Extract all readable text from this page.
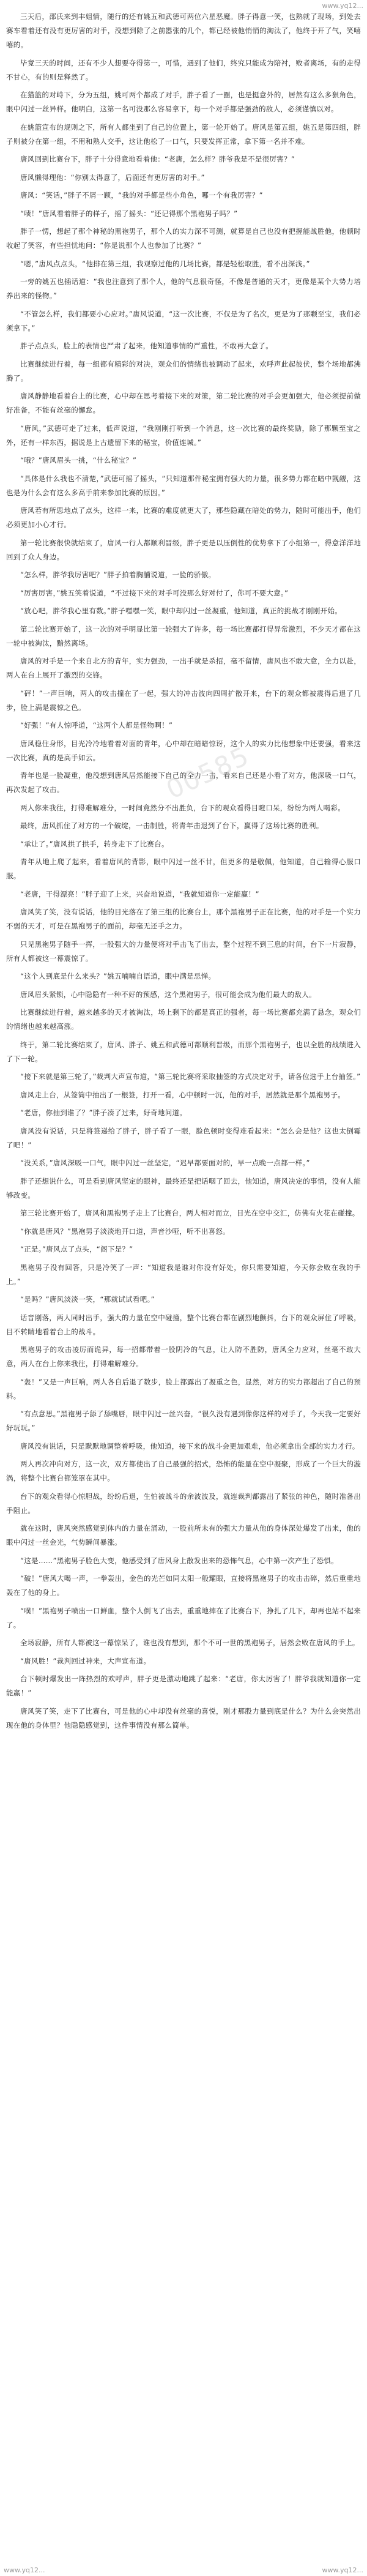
www.yq12...
00585

三天后，邵氏来到丰姐情，随行的还有姚五和武德可两位六星恶魔。胖子得意一笑，也熟就了现场，到处去赛车看着还有没有更厉害的对手，没想到除了之前嚣张的几个，都已经被他悄悄的淘汰了，他终于开了气，笑嘻嘻的。

毕竟三天的时间，还有不少人想要夺得第一，可惜，遇到了他们，终究只能成为陪衬，败者离场，有的走得不甘心，有的则是释然了。

在猫篮的对峙下，分为五组，姚可两个都成了对手，胖子看了一圈，也是挺意外的，居然有这么多狠角色，眼中闪过一丝异样。他明白，这第一名可没那么容易拿下，每一个对手都是强劲的敌人，必须谨慎以对。

在姚篮宣布的规则之下，所有人都坐到了自己的位置上，第一轮开始了。唐风是第五组，姚五是第四组，胖子则被分在第一组，不用和熟人交手，这让他松了一口气，只要发挥正常，拿下第一名并不难。

唐风回到比赛台下，胖子十分得意地看着他：“老唐，怎么样？胖爷我是不是很厉害？”

唐风懒得理他：“你别太得意了，后面还有更厉害的对手。”

唐风：“笑话，”胖子不屑一顾，“我的对手都是些小角色，哪一个有我厉害？”

“啧！”唐风看着胖子的样子，摇了摇头：“还记得那个黑袍男子吗？”

胖子一愣，想起了那个神秘的黑袍男子，那个人的实力深不可测，就算是自己也没有把握能战胜他，他顿时收起了笑容，有些担忧地问：“你是说那个人也参加了比赛？”

“嗯，”唐风点点头，“他排在第三组，我观察过他的几场比赛，都是轻松取胜，看不出深浅。”

一旁的姚五也插话道：“我也注意到了那个人，他的气息很奇怪，不像是普通的天才，更像是某个大势力培养出来的怪物。”

“不管怎么样，我们都要小心应对。”唐风说道，“这一次比赛，不仅是为了名次，更是为了那颗至宝，我们必须拿下。”

胖子点点头，脸上的表情也严肃了起来，他知道事情的严重性，不敢再大意了。

比赛继续进行着，每一组都有精彩的对决，观众们的情绪也被调动了起来，欢呼声此起彼伏，整个场地都沸腾了。

唐风静静地看着台上的比赛，心中却在思考着接下来的对策，第二轮比赛的对手会更加强大，他必须提前做好准备，不能有丝毫的懈怠。

“唐风，”武德可走了过来，低声说道，“我刚刚打听到一个消息，这一次比赛的最终奖励，除了那颗至宝之外，还有一样东西，据说是上古遗留下来的秘宝，价值连城。”

“哦？”唐风眉头一挑，“什么秘宝？”

“具体是什么我也不清楚，”武德可摇了摇头，“只知道那件秘宝拥有强大的力量，很多势力都在暗中觊觎，这也是为什么会有这么多高手前来参加比赛的原因。”

唐风若有所思地点了点头，这样一来，比赛的难度就更大了，那些隐藏在暗处的势力，随时可能出手，他们必须更加小心才行。

第一轮比赛很快就结束了，唐风一行人都顺利晋级，胖子更是以压倒性的优势拿下了小组第一，得意洋洋地回到了众人身边。

“怎么样，胖爷我厉害吧？”胖子拍着胸脯说道，一脸的骄傲。

“厉害厉害，”姚五笑着说道，“不过接下来的对手可没那么好对付了，你可不要大意。”

“放心吧，胖爷我心里有数。”胖子嘿嘿一笑，眼中却闪过一丝凝重，他知道，真正的挑战才刚刚开始。

第二轮比赛开始了，这一次的对手明显比第一轮强大了许多，每一场比赛都打得异常激烈，不少天才都在这一轮中被淘汰，黯然离场。

唐风的对手是一个来自北方的青年，实力强劲，一出手就是杀招，毫不留情，唐风也不敢大意，全力以赴，两人在台上展开了激烈的交锋。

“砰！”一声巨响，两人的攻击撞在了一起，强大的冲击波向四周扩散开来，台下的观众都被震得后退了几步，脸上满是震惊之色。

“好强！”有人惊呼道，“这两个人都是怪物啊！”

唐风稳住身形，目光冷冷地看着对面的青年，心中却在暗暗惊讶，这个人的实力比他想象中还要强，看来这一次比赛，真的是高手如云。

青年也是一脸凝重，他没想到唐风居然能接下自己的全力一击，看来自己还是小看了对方，他深吸一口气，再次发起了攻击。

两人你来我往，打得难解难分，一时间竟然分不出胜负，台下的观众看得目瞪口呆，纷纷为两人喝彩。

最终，唐风抓住了对方的一个破绽，一击制胜，将青年击退到了台下，赢得了这场比赛的胜利。

“承让了。”唐风拱了拱手，转身走下了比赛台。

青年从地上爬了起来，看着唐风的背影，眼中闪过一丝不甘，但更多的是敬佩，他知道，自己输得心服口服。

“老唐，干得漂亮！”胖子迎了上来，兴奋地说道，“我就知道你一定能赢！”

唐风笑了笑，没有说话，他的目光落在了第三组的比赛台上，那个黑袍男子正在比赛，他的对手是一个实力不弱的天才，可是在黑袍男子的面前，却毫无还手之力。

只见黑袍男子随手一挥，一股强大的力量便将对手击飞了出去，整个过程不到三息的时间，台下一片寂静，所有人都被这一幕震惊了。

“这个人到底是什么来头？”姚五喃喃自语道，眼中满是忌惮。

唐风眉头紧锁，心中隐隐有一种不好的预感，这个黑袍男子，很可能会成为他们最大的敌人。

比赛继续进行着，越来越多的天才被淘汰，场上剩下的都是真正的强者，每一场比赛都充满了悬念，观众们的情绪也越来越高涨。

终于，第二轮比赛结束了，唐风、胖子、姚五和武德可都顺利晋级，而那个黑袍男子，也以全胜的战绩进入了下一轮。

“接下来就是第三轮了，”裁判大声宣布道，“第三轮比赛将采取抽签的方式决定对手，请各位选手上台抽签。”

唐风走上台，从签筒中抽出了一根签，打开一看，心中顿时一沉，他的对手，居然就是那个黑袍男子。

“老唐，你抽到谁了？”胖子凑了过来，好奇地问道。

唐风没有说话，只是将签递给了胖子，胖子看了一眼，脸色顿时变得难看起来：“怎么会是他？这也太倒霉了吧！”

“没关系，”唐风深吸一口气，眼中闪过一丝坚定，“迟早都要面对的，早一点晚一点都一样。”

胖子还想说什么，可是看到唐风坚定的眼神，最终还是把话咽了回去，他知道，唐风决定的事情，没有人能够改变。

第三轮比赛开始了，唐风和黑袍男子走上了比赛台，两人相对而立，目光在空中交汇，仿佛有火花在碰撞。

“你就是唐风？”黑袍男子淡淡地开口道，声音沙哑，听不出喜怒。

“正是。”唐风点了点头，“阁下是？”

黑袍男子没有回答，只是冷笑了一声：“知道我是谁对你没有好处，你只需要知道，今天你会败在我的手上。”

“是吗？”唐风淡淡一笑，“那就试试看吧。”

话音刚落，两人同时出手，强大的力量在空中碰撞，整个比赛台都在剧烈地颤抖，台下的观众屏住了呼吸，目不转睛地看着台上的战斗。

黑袍男子的攻击凌厉而诡异，每一招都带着一股阴冷的气息，让人防不胜防，唐风全力应对，丝毫不敢大意，两人在台上你来我往，打得难解难分。

“轰！”又是一声巨响，两人各自后退了数步，脸上都露出了凝重之色，显然，对方的实力都超出了自己的预料。

“有点意思。”黑袍男子舔了舔嘴唇，眼中闪过一丝兴奋，“很久没有遇到像你这样的对手了，今天我一定要好好玩玩。”

唐风没有说话，只是默默地调整着呼吸，他知道，接下来的战斗会更加艰难，他必须拿出全部的实力才行。

两人再次冲向对方，这一次，双方都使出了自己最强的招式，恐怖的能量在空中凝聚，形成了一个巨大的漩涡，将整个比赛台都笼罩在其中。

台下的观众看得心惊胆战，纷纷后退，生怕被战斗的余波波及，就连裁判都露出了紧张的神色，随时准备出手阻止。

就在这时，唐风突然感觉到体内的力量在涌动，一股前所未有的强大力量从他的身体深处爆发了出来，他的眼中闪过一丝金光，气势瞬间暴涨。

“这是……”黑袍男子脸色大变，他感受到了唐风身上散发出来的恐怖气息，心中第一次产生了恐惧。

“破！”唐风大喝一声，一拳轰出，金色的光芒如同太阳一般耀眼，直接将黑袍男子的攻击击碎，然后重重地轰在了他的身上。

“噗！”黑袍男子喷出一口鲜血，整个人倒飞了出去，重重地摔在了比赛台下，挣扎了几下，却再也站不起来了。

全场寂静，所有人都被这一幕惊呆了，谁也没有想到，那个不可一世的黑袍男子，居然会败在唐风的手上。

“唐风胜！”裁判回过神来，大声宣布道。

台下顿时爆发出一阵热烈的欢呼声，胖子更是激动地跳了起来：“老唐，你太厉害了！胖爷我就知道你一定能赢！”

唐风笑了笑，走下了比赛台，可是他的心中却没有丝毫的喜悦，刚才那股力量到底是什么？为什么会突然出现在他的身体里？他隐隐感觉到，这件事情没有那么简单。

www.yq12...	www.yq12...
